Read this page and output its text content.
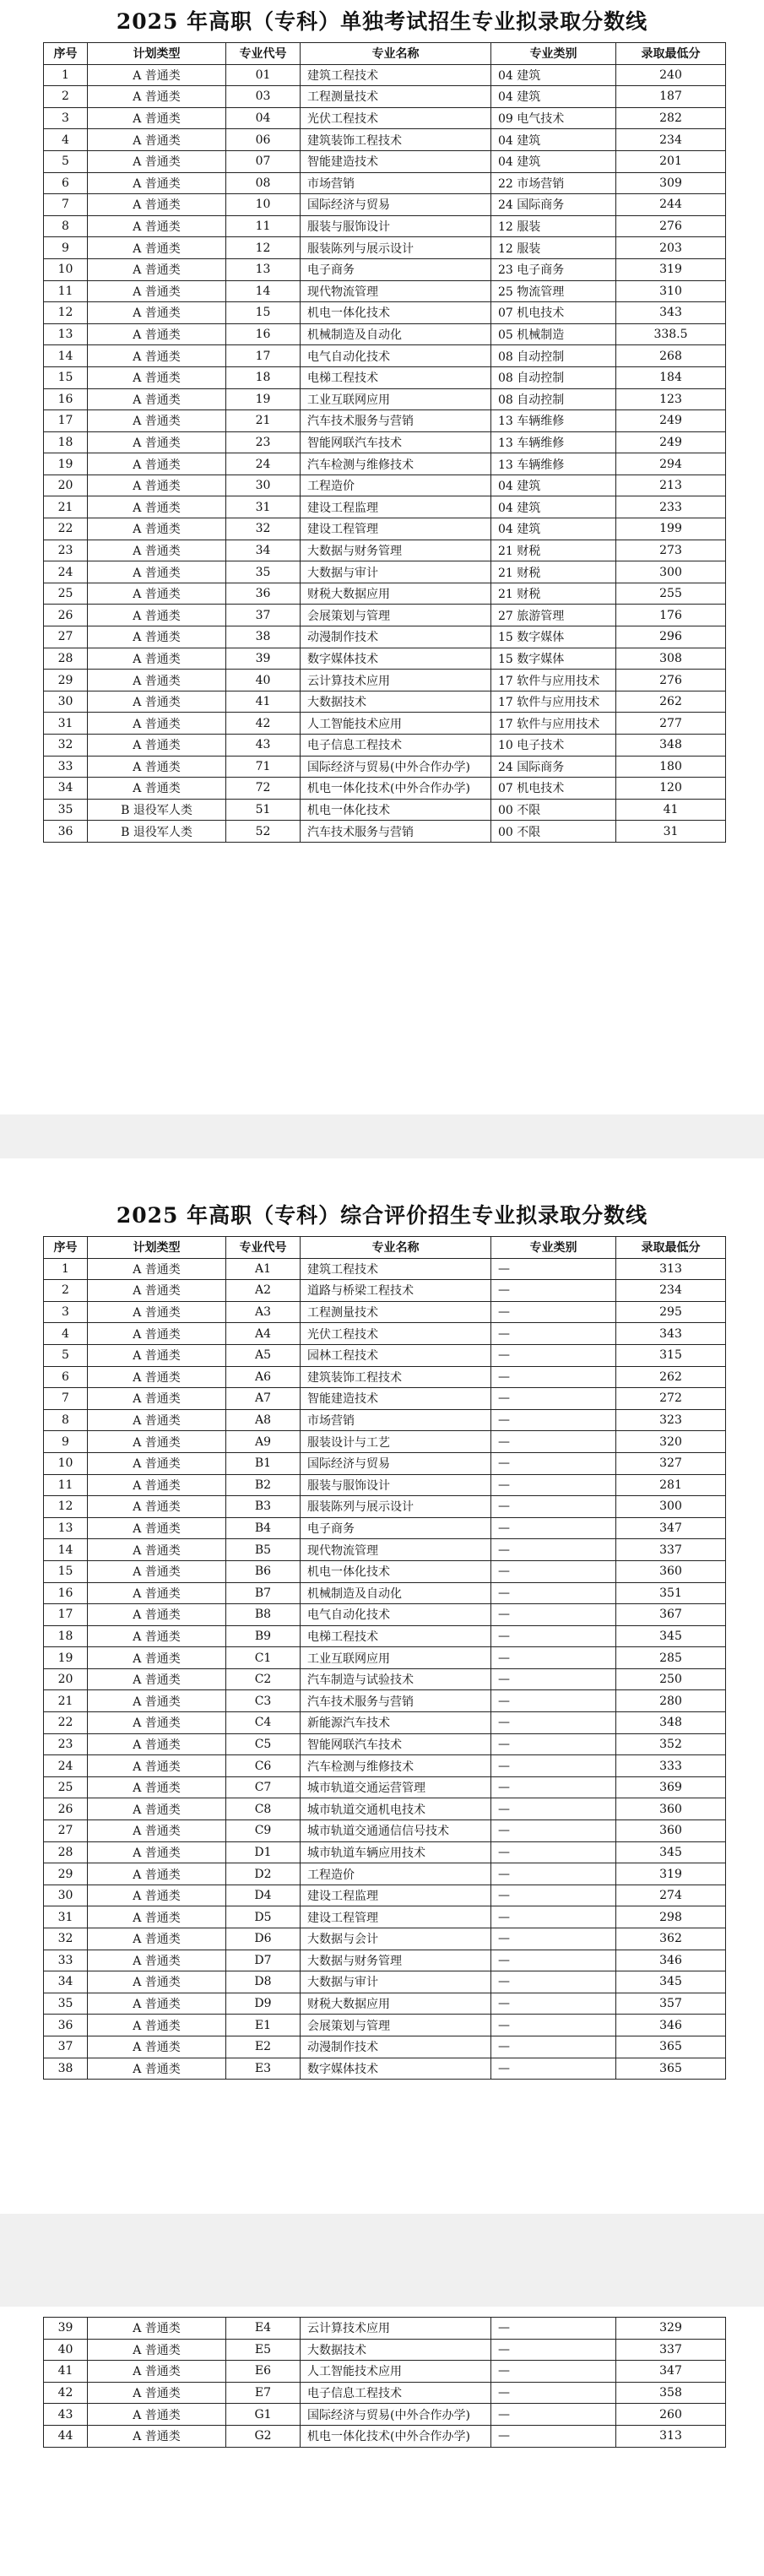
2025 年高职（专科）单独考试招生专业拟录取分数线
序号	计划类型	专业代号	专业名称	专业类别	录取最低分
1	A 普通类	01	建筑工程技术	04 建筑	240
2	A 普通类	03	工程测量技术	04 建筑	187
3	A 普通类	04	光伏工程技术	09 电气技术	282
4	A 普通类	06	建筑装饰工程技术	04 建筑	234
5	A 普通类	07	智能建造技术	04 建筑	201
6	A 普通类	08	市场营销	22 市场营销	309
7	A 普通类	10	国际经济与贸易	24 国际商务	244
8	A 普通类	11	服装与服饰设计	12 服装	276
9	A 普通类	12	服装陈列与展示设计	12 服装	203
10	A 普通类	13	电子商务	23 电子商务	319
11	A 普通类	14	现代物流管理	25 物流管理	310
12	A 普通类	15	机电一体化技术	07 机电技术	343
13	A 普通类	16	机械制造及自动化	05 机械制造	338.5
14	A 普通类	17	电气自动化技术	08 自动控制	268
15	A 普通类	18	电梯工程技术	08 自动控制	184
16	A 普通类	19	工业互联网应用	08 自动控制	123
17	A 普通类	21	汽车技术服务与营销	13 车辆维修	249
18	A 普通类	23	智能网联汽车技术	13 车辆维修	249
19	A 普通类	24	汽车检测与维修技术	13 车辆维修	294
20	A 普通类	30	工程造价	04 建筑	213
21	A 普通类	31	建设工程监理	04 建筑	233
22	A 普通类	32	建设工程管理	04 建筑	199
23	A 普通类	34	大数据与财务管理	21 财税	273
24	A 普通类	35	大数据与审计	21 财税	300
25	A 普通类	36	财税大数据应用	21 财税	255
26	A 普通类	37	会展策划与管理	27 旅游管理	176
27	A 普通类	38	动漫制作技术	15 数字媒体	296
28	A 普通类	39	数字媒体技术	15 数字媒体	308
29	A 普通类	40	云计算技术应用	17 软件与应用技术	276
30	A 普通类	41	大数据技术	17 软件与应用技术	262
31	A 普通类	42	人工智能技术应用	17 软件与应用技术	277
32	A 普通类	43	电子信息工程技术	10 电子技术	348
33	A 普通类	71	国际经济与贸易(中外合作办学)	24 国际商务	180
34	A 普通类	72	机电一体化技术(中外合作办学)	07 机电技术	120
35	B 退役军人类	51	机电一体化技术	00 不限	41
36	B 退役军人类	52	汽车技术服务与营销	00 不限	31
2025 年高职（专科）综合评价招生专业拟录取分数线
序号	计划类型	专业代号	专业名称	专业类别	录取最低分
1	A 普通类	A1	建筑工程技术	—	313
2	A 普通类	A2	道路与桥梁工程技术	—	234
3	A 普通类	A3	工程测量技术	—	295
4	A 普通类	A4	光伏工程技术	—	343
5	A 普通类	A5	园林工程技术	—	315
6	A 普通类	A6	建筑装饰工程技术	—	262
7	A 普通类	A7	智能建造技术	—	272
8	A 普通类	A8	市场营销	—	323
9	A 普通类	A9	服装设计与工艺	—	320
10	A 普通类	B1	国际经济与贸易	—	327
11	A 普通类	B2	服装与服饰设计	—	281
12	A 普通类	B3	服装陈列与展示设计	—	300
13	A 普通类	B4	电子商务	—	347
14	A 普通类	B5	现代物流管理	—	337
15	A 普通类	B6	机电一体化技术	—	360
16	A 普通类	B7	机械制造及自动化	—	351
17	A 普通类	B8	电气自动化技术	—	367
18	A 普通类	B9	电梯工程技术	—	345
19	A 普通类	C1	工业互联网应用	—	285
20	A 普通类	C2	汽车制造与试验技术	—	250
21	A 普通类	C3	汽车技术服务与营销	—	280
22	A 普通类	C4	新能源汽车技术	—	348
23	A 普通类	C5	智能网联汽车技术	—	352
24	A 普通类	C6	汽车检测与维修技术	—	333
25	A 普通类	C7	城市轨道交通运营管理	—	369
26	A 普通类	C8	城市轨道交通机电技术	—	360
27	A 普通类	C9	城市轨道交通通信信号技术	—	360
28	A 普通类	D1	城市轨道车辆应用技术	—	345
29	A 普通类	D2	工程造价	—	319
30	A 普通类	D4	建设工程监理	—	274
31	A 普通类	D5	建设工程管理	—	298
32	A 普通类	D6	大数据与会计	—	362
33	A 普通类	D7	大数据与财务管理	—	346
34	A 普通类	D8	大数据与审计	—	345
35	A 普通类	D9	财税大数据应用	—	357
36	A 普通类	E1	会展策划与管理	—	346
37	A 普通类	E2	动漫制作技术	—	365
38	A 普通类	E3	数字媒体技术	—	365
39	A 普通类	E4	云计算技术应用	—	329
40	A 普通类	E5	大数据技术	—	337
41	A 普通类	E6	人工智能技术应用	—	347
42	A 普通类	E7	电子信息工程技术	—	358
43	A 普通类	G1	国际经济与贸易(中外合作办学)	—	260
44	A 普通类	G2	机电一体化技术(中外合作办学)	—	313
